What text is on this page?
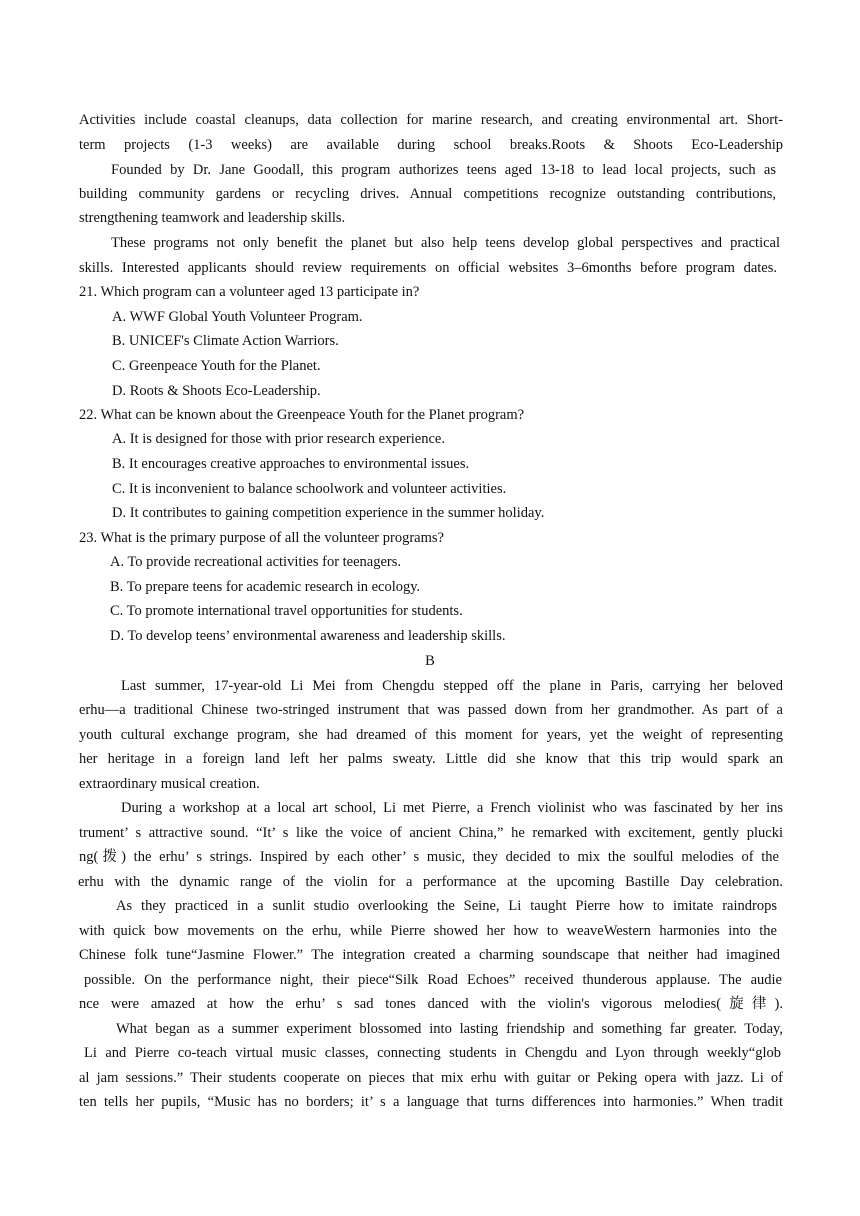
Activities include coastal cleanups, data collection for marine research, and creating environmental art. Short-
term projects (1-3 weeks) are available during school breaks.Roots & Shoots Eco-Leadership
Founded by Dr. Jane Goodall, this program authorizes teens aged 13-18 to lead local projects, such as
building community gardens or recycling drives. Annual competitions recognize outstanding contributions,
strengthening teamwork and leadership skills.
These programs not only benefit the planet but also help teens develop global perspectives and practical
skills. Interested applicants should review requirements on official websites 3–6months before program dates.
21. Which program can a volunteer aged 13 participate in?
A. WWF Global Youth Volunteer Program.
B. UNICEF's Climate Action Warriors.
C. Greenpeace Youth for the Planet.
D. Roots & Shoots Eco-Leadership.
22. What can be known about the Greenpeace Youth for the Planet program?
A. It is designed for those with prior research experience.
B. It encourages creative approaches to environmental issues.
C. It is inconvenient to balance schoolwork and volunteer activities.
D. It contributes to gaining competition experience in the summer holiday.
23. What is the primary purpose of all the volunteer programs?
A. To provide recreational activities for teenagers.
B. To prepare teens for academic research in ecology.
C. To promote international travel opportunities for students.
D. To develop teens’ environmental awareness and leadership skills.
B
Last summer, 17-year-old Li Mei from Chengdu stepped off the plane in Paris, carrying her beloved
erhu—a traditional Chinese two-stringed instrument that was passed down from her grandmother. As part of a
youth cultural exchange program, she had dreamed of this moment for years, yet the weight of representing
her heritage in a foreign land left her palms sweaty. Little did she know that this trip would spark an
extraordinary musical creation.
During a workshop at a local art school, Li met Pierre, a French violinist who was fascinated by her ins
trument’ s attractive sound. “It’ s like the voice of ancient China,” he remarked with excitement, gently plucki
ng(拨) the erhu’ s strings. Inspired by each other’ s music, they decided to mix the soulful melodies of the
erhu with the dynamic range of the violin for a performance at the upcoming Bastille Day celebration.
As they practiced in a sunlit studio overlooking the Seine, Li taught Pierre how to imitate raindrops
with quick bow movements on the erhu, while Pierre showed her how to weaveWestern harmonies into the
Chinese folk tune“Jasmine Flower.” The integration created a charming soundscape that neither had imagined
possible. On the performance night, their piece“Silk Road Echoes” received thunderous applause. The audie
nce were amazed at how the erhu’ s sad tones danced with the violin's vigorous melodies(旋律).
What began as a summer experiment blossomed into lasting friendship and something far greater. Today,
Li and Pierre co-teach virtual music classes, connecting students in Chengdu and Lyon through weekly“glob
al jam sessions.” Their students cooperate on pieces that mix erhu with guitar or Peking opera with jazz. Li of
ten tells her pupils, “Music has no borders; it’ s a language that turns differences into harmonies.” When tradit
